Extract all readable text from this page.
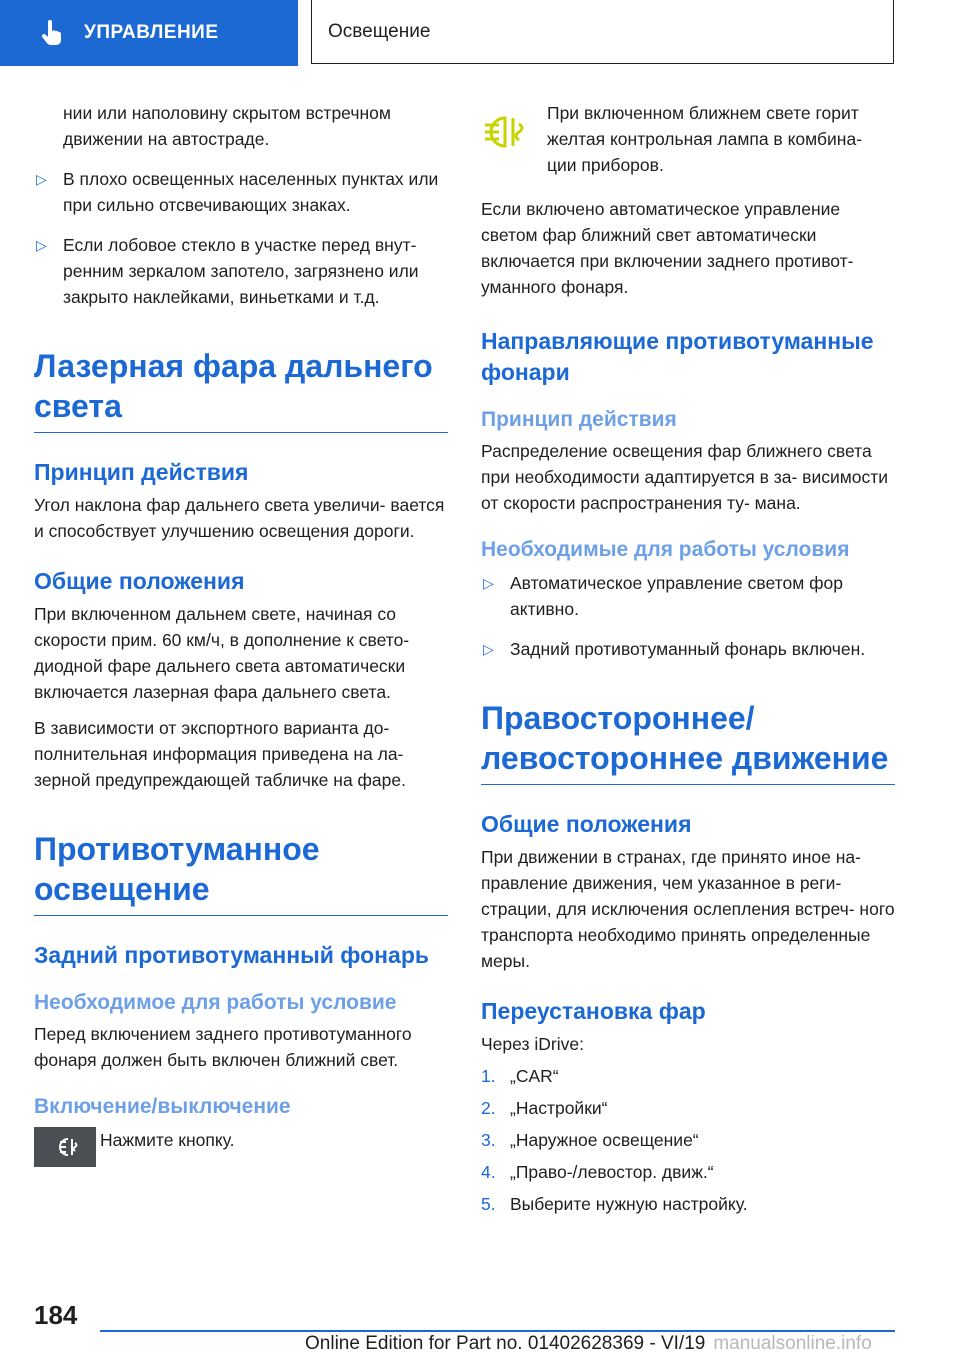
УПРАВЛЕНИЕ	Освещение

нии или наполовину скрытом встречном движении на автостраде.

▷ В плохо освещенных населенных пунктах или при сильно отсвечивающих знаках.
▷ Если лобовое стекло в участке перед внут- ренним зеркалом запотело, загрязнено или закрыто наклейками, виньетками и т.д.
Лазерная фара дальнего света
Принцип действия

Угол наклона фар дальнего света увеличи- вается и способствует улучшению освещения дороги.

Общие положения

При включенном дальнем свете, начиная со скорости прим. 60 км/ч, в дополнение к свето- диодной фаре дальнего света автоматически включается лазерная фара дальнего света.

В зависимости от экспортного варианта до- полнительная информация приведена на ла- зерной предупреждающей табличке на фаре.

Противотуманное освещение
Задний противотуманный фонарь
Необходимое для работы условие

Перед включением заднего противотуманного фонаря должен быть включен ближний свет.

Включение/выключение

Нажмите кнопку.

При включенном ближнем свете горит желтая контрольная лампа в комбина- ции приборов.

Если включено автоматическое управление светом фар ближний свет автоматически включается при включении заднего противот- уманного фонаря.

Направляющие противотуманные фонари
Принцип действия

Распределение освещения фар ближнего света при необходимости адаптируется в за- висимости от скорости распространения ту- мана.

Необходимые для работы условия
▷ Автоматическое управление светом фор активно.
▷ Задний противотуманный фонарь включен.
Правостороннее/ левостороннее движение
Общие положения

При движении в странах, где принято иное на- правление движения, чем указанное в реги- страции, для исключения ослепления встреч- ного транспорта необходимо принять определенные меры.

Переустановка фар

Через iDrive:

1. „CAR“
2. „Настройки“
3. „Наружное освещение“
4. „Право-/левостор. движ.“
5. Выберите нужную настройку.
184
Online Edition for Part no. 01402628369 - VI/19 manualsonline.info
